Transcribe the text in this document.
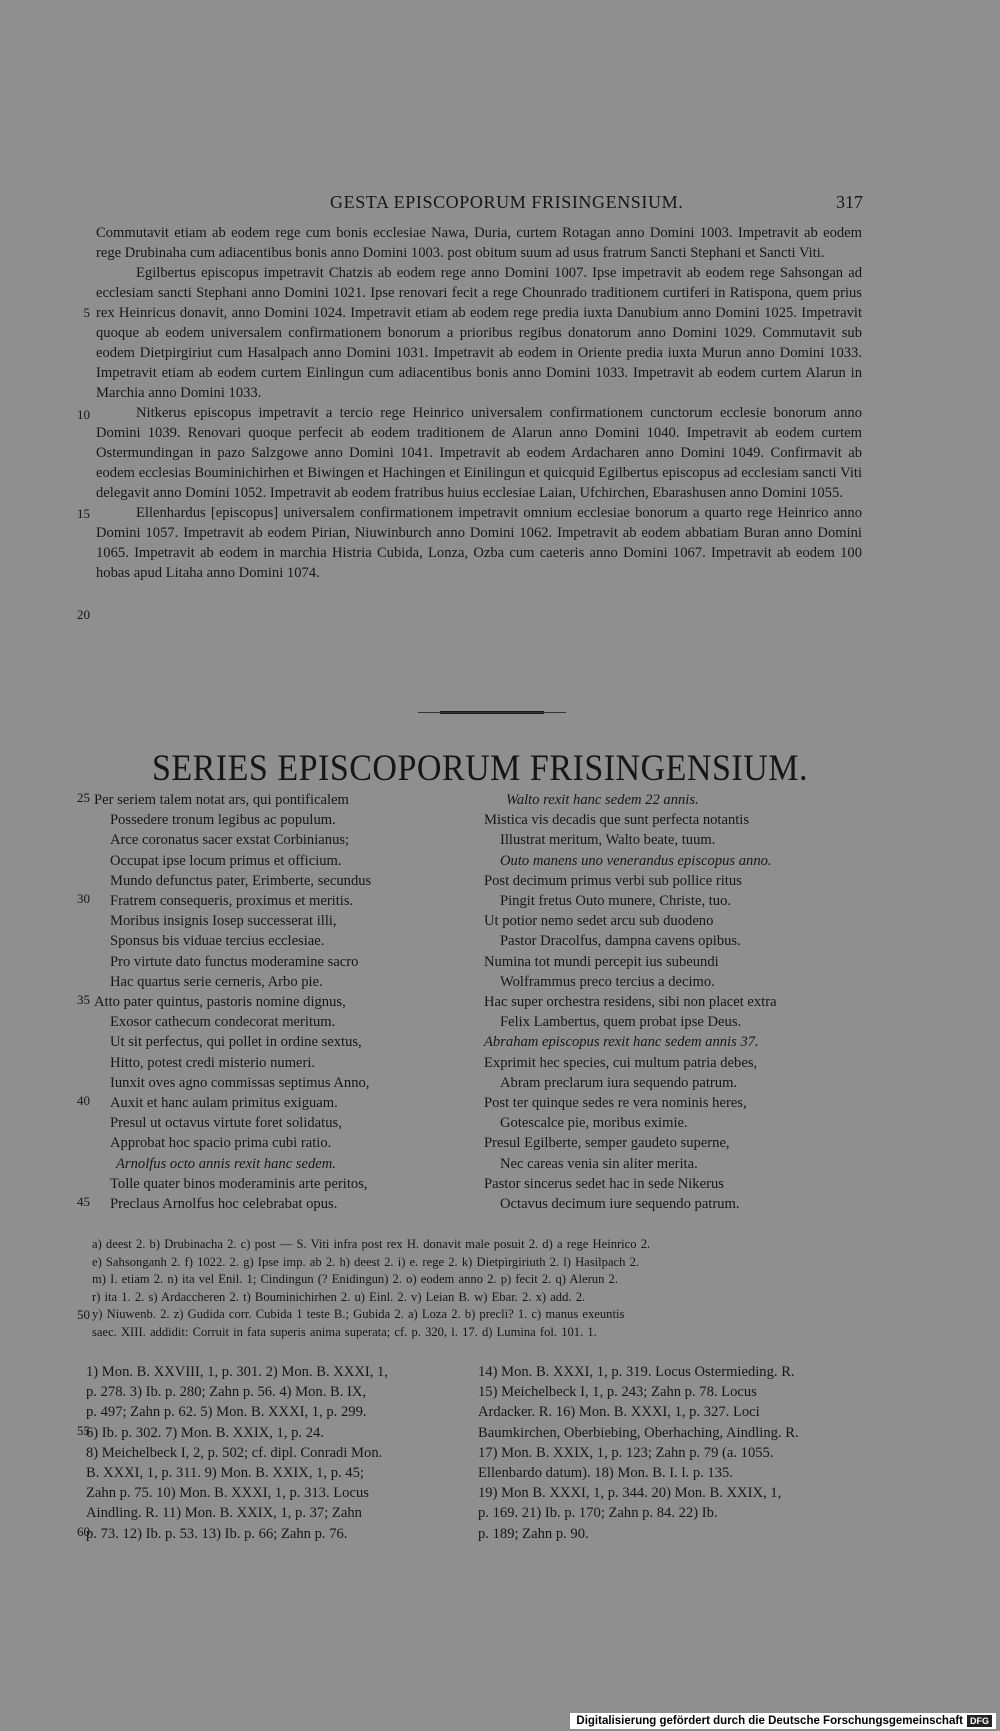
GESTA EPISCOPORUM FRISINGENSIUM.	317

Commutavit etiam ab eodem rege cum bonis ecclesiae Nawa, Duria, curtem Rotagan anno Domini 1003. Impetravit ab eodem rege Drubinaha cum adiacentibus bonis anno Domini 1003. post obitum suum ad usus fratrum Sancti Stephani et Sancti Viti.

Egilbertus episcopus impetravit Chatzis ab eodem rege anno Domini 1007. Ipse impetravit ab eodem rege Sahsongan ad ecclesiam sancti Stephani anno Domini 1021. Ipse renovari fecit a rege Chounrado traditionem curtiferi in Ratispona, quem prius rex Heinricus donavit, anno Domini 1024. Impetravit etiam ab eodem rege predia iuxta Danubium anno Domini 1025. Impetravit quoque ab eodem universalem confirmationem bonorum a prioribus regibus donatorum anno Domini 1029. Commutavit sub eodem Dietpirgiriut cum Hasalpach anno Domini 1031. Impetravit ab eodem in Oriente predia iuxta Murun anno Domini 1033. Impetravit etiam ab eodem curtem Einlingun cum adiacentibus bonis anno Domini 1033. Impetravit ab eodem curtem Alarun in Marchia anno Domini 1033.

Nitkerus episcopus impetravit a tercio rege Heinrico universalem confirmationem cunctorum ecclesie bonorum anno Domini 1039. Renovari quoque perfecit ab eodem traditionem de Alarun anno Domini 1040. Impetravit ab eodem curtem Ostermundingan in pazo Salzgowe anno Domini 1041. Impetravit ab eodem Ardacharen anno Domini 1049. Confirmavit ab eodem ecclesias Bouminichirhen et Biwingen et Hachingen et Einilingun et quicquid Egilbertus episcopus ad ecclesiam sancti Viti delegavit anno Domini 1052. Impetravit ab eodem fratribus huius ecclesiae Laian, Ufchirchen, Ebarashusen anno Domini 1055.

Ellenhardus [episcopus] universalem confirmationem impetravit omnium ecclesiae bonorum a quarto rege Heinrico anno Domini 1057. Impetravit ab eodem Pirian, Niuwinburch anno Domini 1062. Impetravit ab eodem abbatiam Buran anno Domini 1065. Impetravit ab eodem in marchia Histria Cubida, Lonza, Ozba cum caeteris anno Domini 1067. Impetravit ab eodem 100 hobas apud Litaha anno Domini 1074.

5
10
15
20
SERIES EPISCOPORUM FRISINGENSIUM.
Per seriem talem notat ars, qui pontificalem
Possedere tronum legibus ac populum.
Arce coronatus sacer exstat Corbinianus;
Occupat ipse locum primus et officium.
Mundo defunctus pater, Erimberte, secundus
Fratrem consequeris, proximus et meritis.
Moribus insignis Iosep successerat illi,
Sponsus bis viduae tercius ecclesiae.
Pro virtute dato functus moderamine sacro
Hac quartus serie cerneris, Arbo pie.
Atto pater quintus, pastoris nomine dignus,
Exosor cathecum condecorat meritum.
Ut sit perfectus, qui pollet in ordine sextus,
Hitto, potest credi misterio numeri.
Iunxit oves agno commissas septimus Anno,
Auxit et hanc aulam primitus exiguam.
Presul ut octavus virtute foret solidatus,
Approbat hoc spacio prima cubi ratio.
Arnolfus octo annis rexit hanc sedem.
Tolle quater binos moderaminis arte peritos,
Preclaus Arnolfus hoc celebrabat opus.
25
30
35
40
45
Walto rexit hanc sedem 22 annis.
Mistica vis decadis que sunt perfecta notantis
Illustrat meritum, Walto beate, tuum.
Outo manens uno venerandus episcopus anno.
Post decimum primus verbi sub pollice ritus
Pingit fretus Outo munere, Christe, tuo.
Ut potior nemo sedet arcu sub duodeno
Pastor Dracolfus, dampna cavens opibus.
Numina tot mundi percepit ius subeundi
Wolframmus preco tercius a decimo.
Hac super orchestra residens, sibi non placet extra
Felix Lambertus, quem probat ipse Deus.
Abraham episcopus rexit hanc sedem annis 37.
Exprimit hec species, cui multum patria debes,
Abram preclarum iura sequendo patrum.
Post ter quinque sedes re vera nominis heres,
Gotescalce pie, moribus eximie.
Presul Egilberte, semper gaudeto superne,
Nec careas venia sin aliter merita.
Pastor sincerus sedet hac in sede Nikerus
Octavus decimum iure sequendo patrum.
a) deest 2. b) Drubinacha 2. c) post — S. Viti infra post rex H. donavit male posuit 2. d) a rege Heinrico 2.
e) Sahsonganh 2. f) 1022. 2. g) Ipse imp. ab 2. h) deest 2. i) e. rege 2. k) Dietpirgiriuth 2. l) Hasilpach 2.
m) I. etiam 2. n) ita vel Enil. 1; Cindingun (? Enidingun) 2. o) eodem anno 2. p) fecit 2. q) Alerun 2.
r) ita 1. 2. s) Ardaccheren 2. t) Bouminichirhen 2. u) Einl. 2. v) Leian B. w) Ebar. 2. x) add. 2.
y) Niuwenb. 2. z) Gudida corr. Cubida 1 teste B.; Gubida 2. a) Loza 2. b) precli? 1. c) manus exeuntis
saec. XIII. addidit: Corruit in fata superis anima superata; cf. p. 320, l. 17. d) Lumina fol. 101. 1.
50
1) Mon. B. XXVIII, 1, p. 301. 2) Mon. B. XXXI, 1,
p. 278. 3) Ib. p. 280; Zahn p. 56. 4) Mon. B. IX,
p. 497; Zahn p. 62. 5) Mon. B. XXXI, 1, p. 299.
6) Ib. p. 302. 7) Mon. B. XXIX, 1, p. 24.
8) Meichelbeck I, 2, p. 502; cf. dipl. Conradi Mon.
B. XXXI, 1, p. 311. 9) Mon. B. XXIX, 1, p. 45;
Zahn p. 75. 10) Mon. B. XXXI, 1, p. 313. Locus
Aindling. R. 11) Mon. B. XXIX, 1, p. 37; Zahn
p. 73. 12) Ib. p. 53. 13) Ib. p. 66; Zahn p. 76.
55
60
14) Mon. B. XXXI, 1, p. 319. Locus Ostermieding. R.
15) Meichelbeck I, 1, p. 243; Zahn p. 78. Locus
Ardacker. R. 16) Mon. B. XXXI, 1, p. 327. Loci
Baumkirchen, Oberbiebing, Oberhaching, Aindling. R.
17) Mon. B. XXIX, 1, p. 123; Zahn p. 79 (a. 1055.
Ellenbardo datum). 18) Mon. B. I. l. p. 135.
19) Mon B. XXXI, 1, p. 344. 20) Mon. B. XXIX, 1,
p. 169. 21) Ib. p. 170; Zahn p. 84. 22) Ib.
p. 189; Zahn p. 90.
Digitalisierung gefördert durch die Deutsche Forschungsgemeinschaft DFG
